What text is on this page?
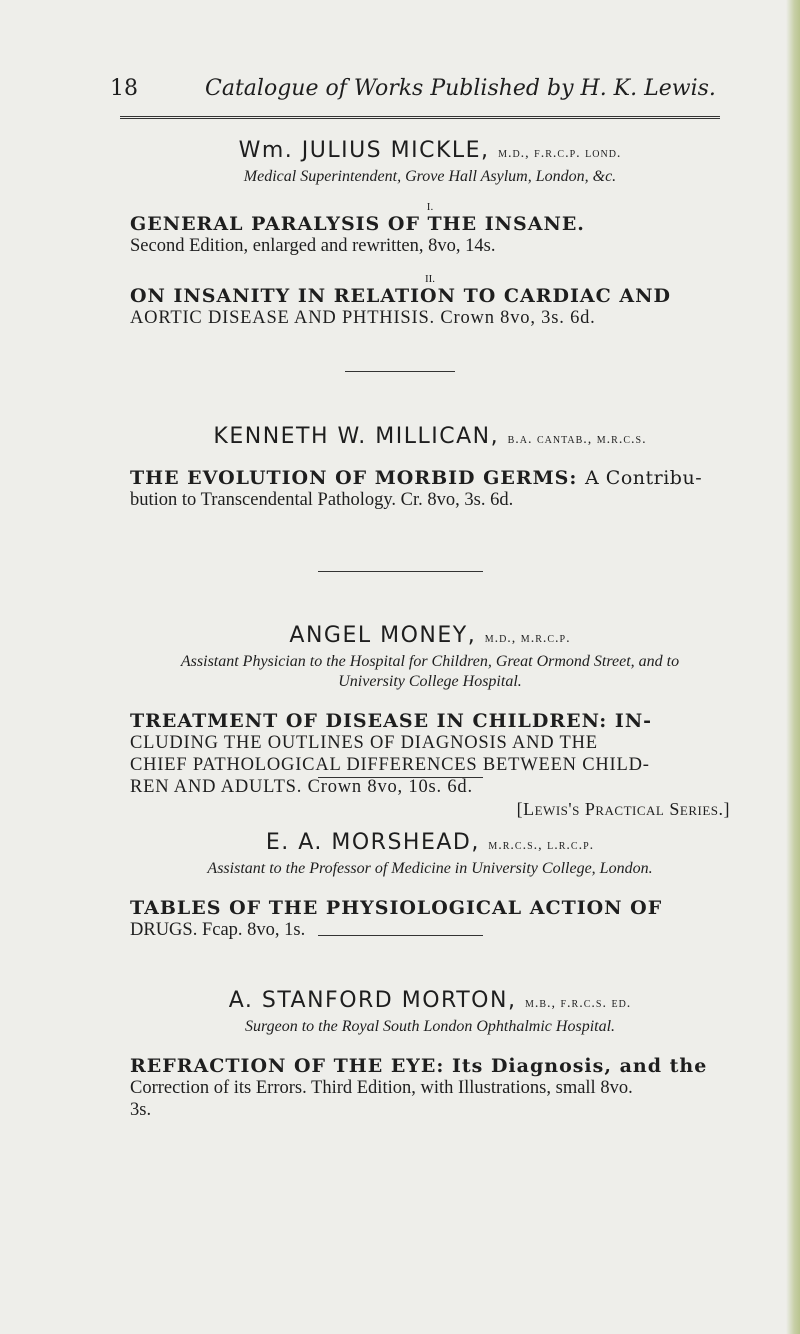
18	Catalogue of Works Published by H. K. Lewis.
Wm. JULIUS MICKLE, m.d., f.r.c.p. lond.
Medical Superintendent, Grove Hall Asylum, London, &c.
I.
GENERAL PARALYSIS OF THE INSANE.
Second Edition, enlarged and rewritten, 8vo, 14s.
II.
ON INSANITY IN RELATION TO CARDIAC AND
AORTIC DISEASE AND PHTHISIS. Crown 8vo, 3s. 6d.
KENNETH W. MILLICAN, b.a. cantab., m.r.c.s.
THE EVOLUTION OF MORBID GERMS: A Contribu-
bution to Transcendental Pathology. Cr. 8vo, 3s. 6d.
ANGEL MONEY, m.d., m.r.c.p.
Assistant Physician to the Hospital for Children, Great Ormond Street, and to
University College Hospital.
TREATMENT OF DISEASE IN CHILDREN: IN-
CLUDING THE OUTLINES OF DIAGNOSIS AND THE
CHIEF PATHOLOGICAL DIFFERENCES BETWEEN CHILD-
REN AND ADULTS. Crown 8vo, 10s. 6d.
[Lewis's Practical Series.]
E. A. MORSHEAD, m.r.c.s., l.r.c.p.
Assistant to the Professor of Medicine in University College, London.
TABLES OF THE PHYSIOLOGICAL ACTION OF
DRUGS. Fcap. 8vo, 1s.
A. STANFORD MORTON, m.b., f.r.c.s. ed.
Surgeon to the Royal South London Ophthalmic Hospital.
REFRACTION OF THE EYE: Its Diagnosis, and the
Correction of its Errors. Third Edition, with Illustrations, small 8vo.
3s.
